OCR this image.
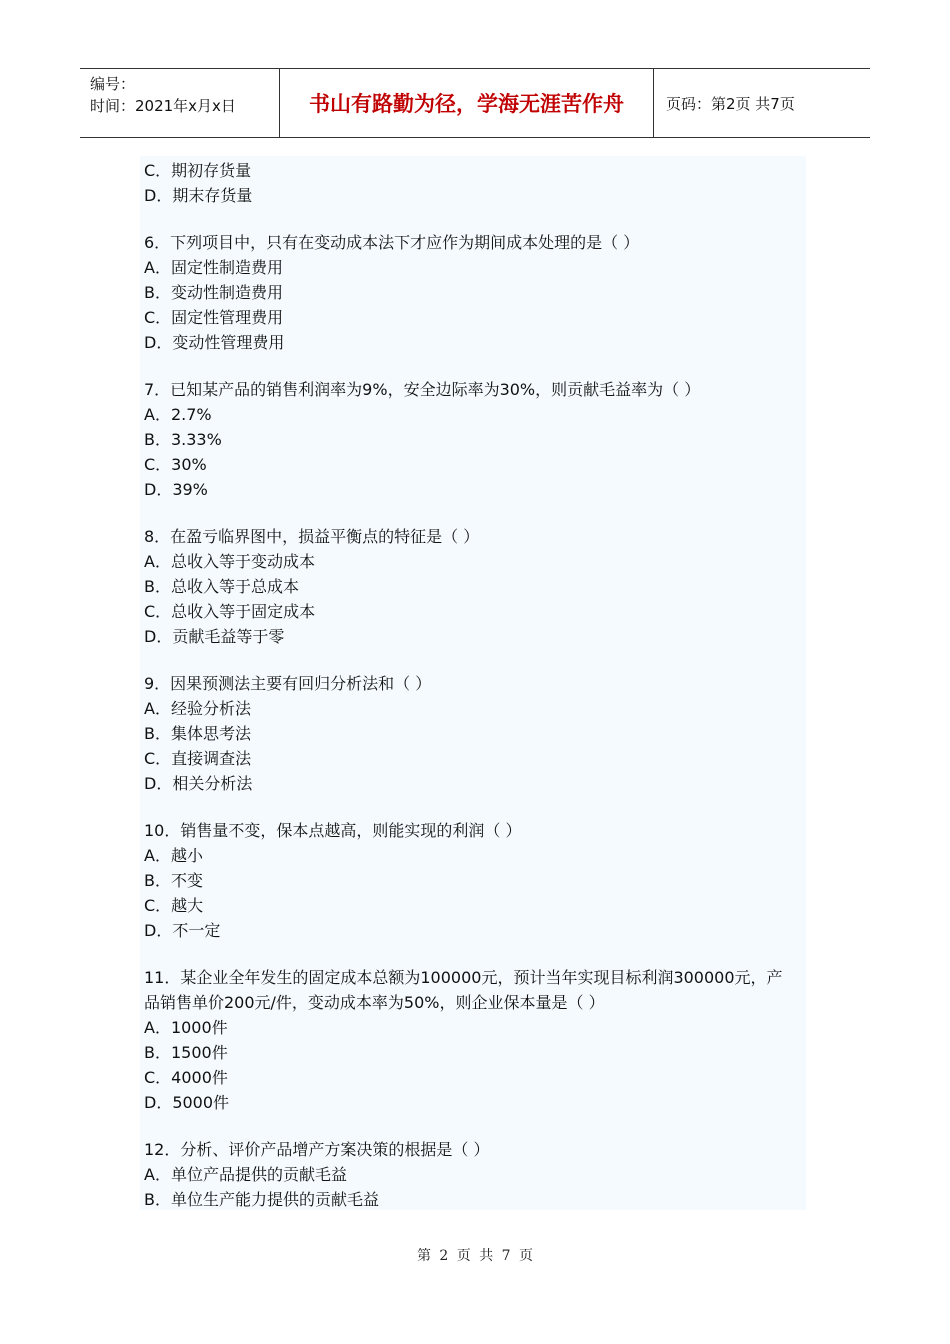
编号：
时间：2021年x月x日	书山有路勤为径，学海无涯苦作舟	页码：第2页 共7页
C．期初存货量
D．期末存货量
6．下列项目中，只有在变动成本法下才应作为期间成本处理的是（ ）
A．固定性制造费用
B．变动性制造费用
C．固定性管理费用
D．变动性管理费用
7．已知某产品的销售利润率为9%，安全边际率为30%，则贡献毛益率为（ ）
A．2.7%
B．3.33%
C．30%
D．39%
8．在盈亏临界图中，损益平衡点的特征是（ ）
A．总收入等于变动成本
B．总收入等于总成本
C．总收入等于固定成本
D．贡献毛益等于零
9．因果预测法主要有回归分析法和（ ）
A．经验分析法
B．集体思考法
C．直接调查法
D．相关分析法
10．销售量不变，保本点越高，则能实现的利润（ ）
A．越小
B．不变
C．越大
D．不一定
11．某企业全年发生的固定成本总额为100000元，预计当年实现目标利润300000元，产品销售单价200元/件，变动成本率为50%，则企业保本量是（ ）
A．1000件
B．1500件
C．4000件
D．5000件
12．分析、评价产品增产方案决策的根据是（ ）
A．单位产品提供的贡献毛益
B．单位生产能力提供的贡献毛益
第 2 页 共 7 页
